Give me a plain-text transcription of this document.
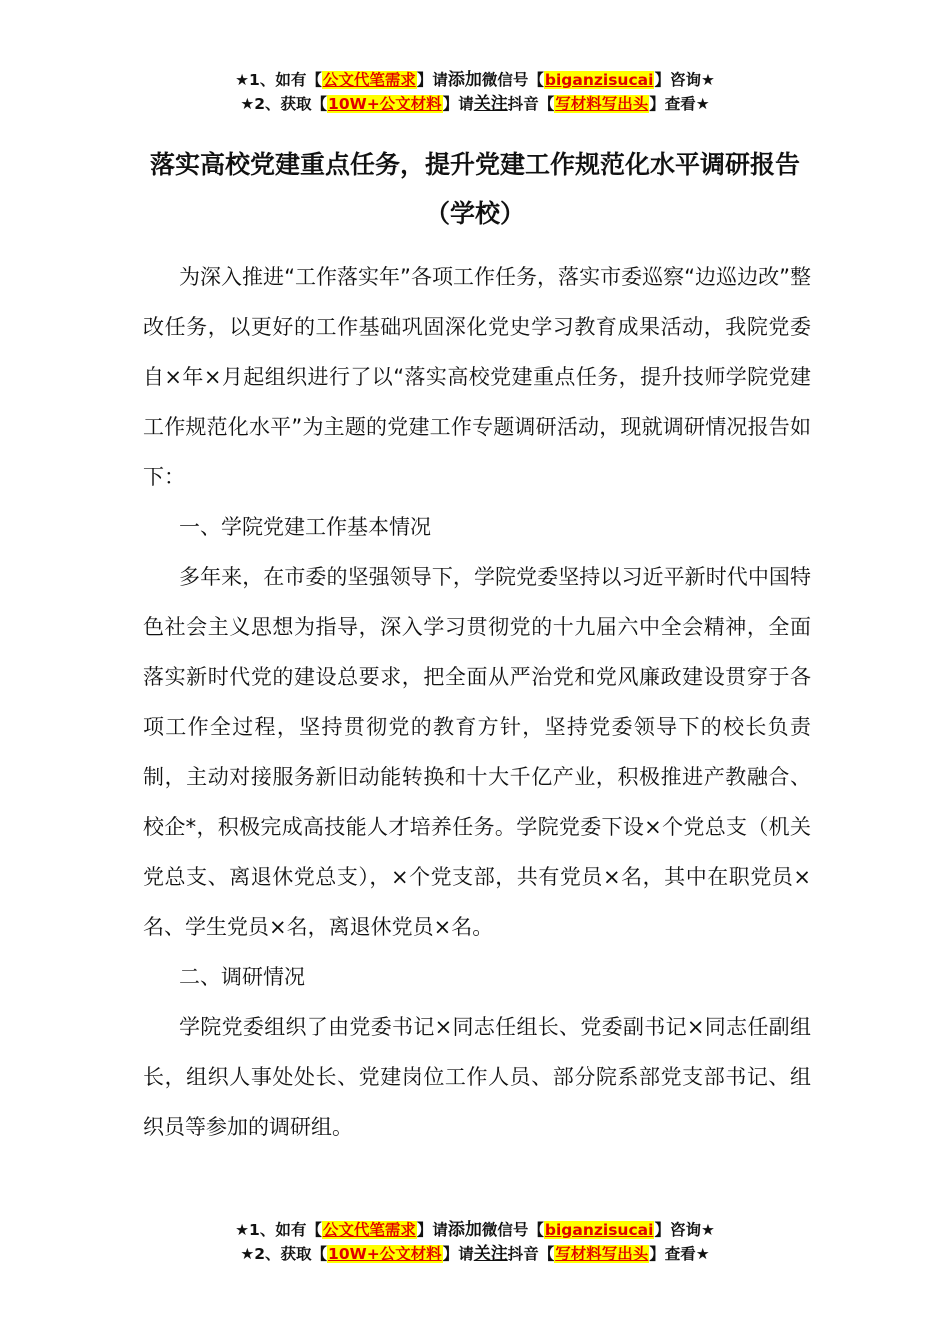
★1、如有【公文代笔需求】请添加微信号【biganzisucai】咨询★
★2、获取【10W+公文材料】请关注抖音【写材料写出头】查看★
落实高校党建重点任务，提升党建工作规范化水平调研报告（学校）

为深入推进“工作落实年”各项工作任务，落实市委巡察“边巡边改”整改任务，以更好的工作基础巩固深化党史学习教育成果活动，我院党委自×年×月起组织进行了以“落实高校党建重点任务，提升技师学院党建工作规范化水平”为主题的党建工作专题调研活动，现就调研情况报告如下：

一、学院党建工作基本情况

多年来，在市委的坚强领导下，学院党委坚持以习近平新时代中国特色社会主义思想为指导，深入学习贯彻党的十九届六中全会精神，全面落实新时代党的建设总要求，把全面从严治党和党风廉政建设贯穿于各项工作全过程，坚持贯彻党的教育方针，坚持党委领导下的校长负责制，主动对接服务新旧动能转换和十大千亿产业，积极推进产教融合、校企*，积极完成高技能人才培养任务。学院党委下设×个党总支（机关党总支、离退休党总支），×个党支部，共有党员×名，其中在职党员×名、学生党员×名，离退休党员×名。

二、调研情况

学院党委组织了由党委书记×同志任组长、党委副书记×同志任副组长，组织人事处处长、党建岗位工作人员、部分院系部党支部书记、组织员等参加的调研组。

★1、如有【公文代笔需求】请添加微信号【biganzisucai】咨询★
★2、获取【10W+公文材料】请关注抖音【写材料写出头】查看★
